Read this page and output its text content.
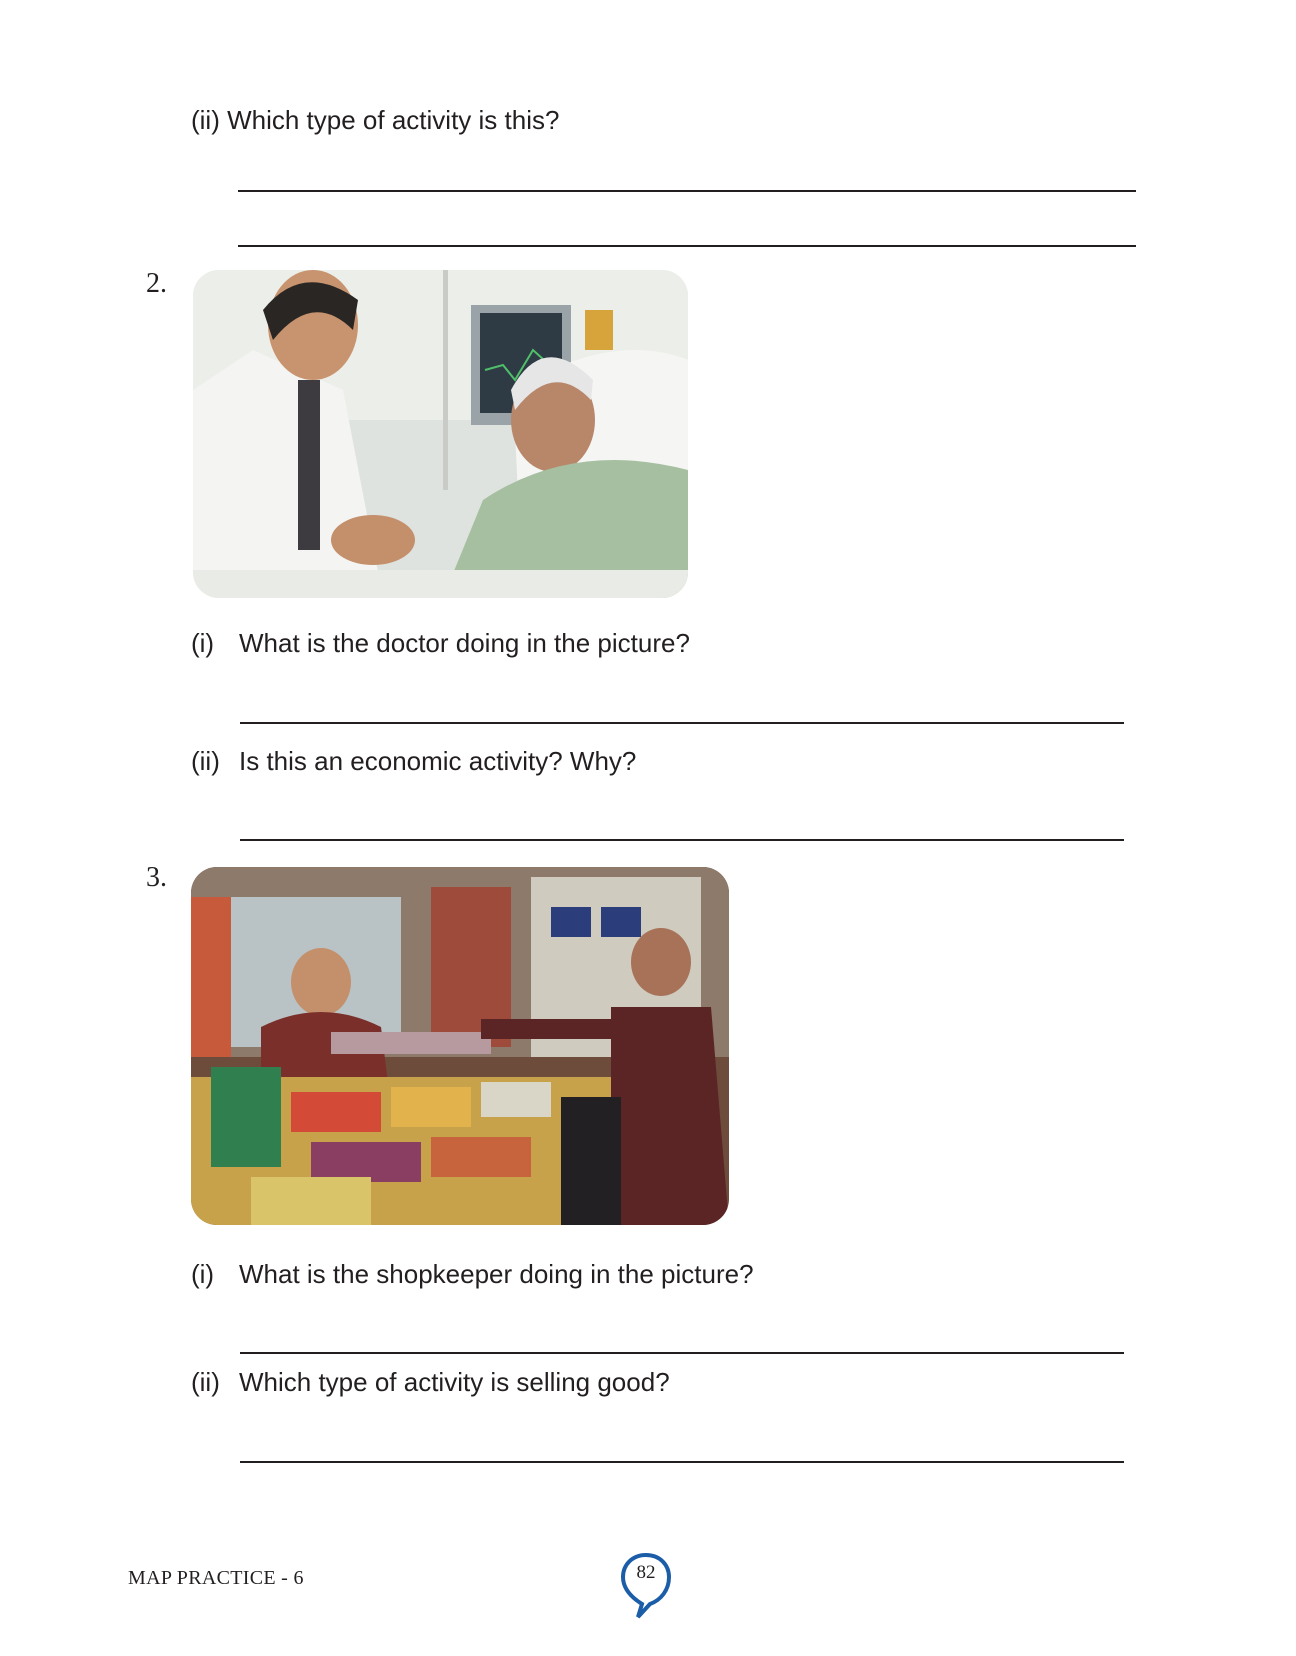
(ii) Which type of activity is this?
2.
(i) What is the doctor doing in the picture?
(ii) Is this an economic activity? Why?
3.
(i) What is the shopkeeper doing in the picture?
(ii) Which type of activity is selling good?
MAP PRACTICE - 6	82
